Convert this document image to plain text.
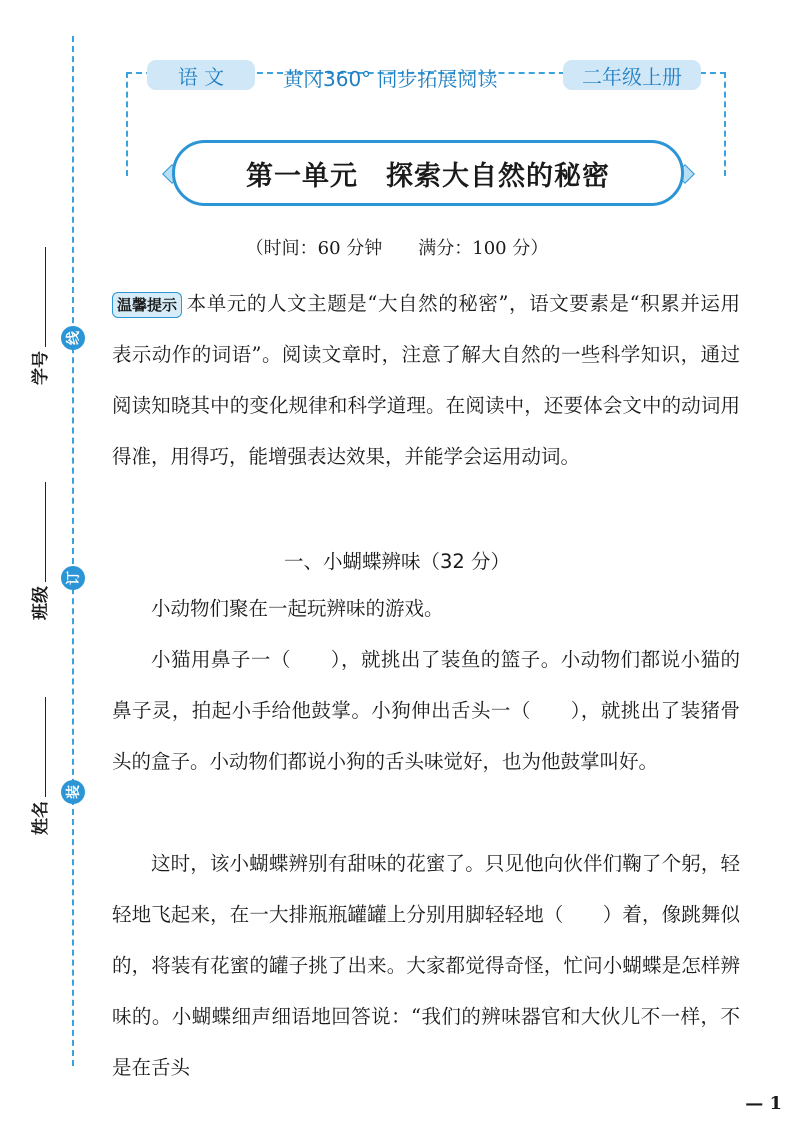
线
订
装
学号
班级
姓名
语 文	黄冈360° 同步拓展阅读	二年级上册
第一单元　探索大自然的秘密
（时间：60 分钟　　满分：100 分）
温馨提示 本单元的人文主题是“大自然的秘密”，语文要素是“积累并运用表示动作的词语”。阅读文章时，注意了解大自然的一些科学知识，通过阅读知晓其中的变化规律和科学道理。在阅读中，还要体会文中的动词用得准，用得巧，能增强表达效果，并能学会运用动词。
一、小蝴蝶辨味（32 分）
小动物们聚在一起玩辨味的游戏。
小猫用鼻子一（　　），就挑出了装鱼的篮子。小动物们都说小猫的鼻子灵，拍起小手给他鼓掌。小狗伸出舌头一（　　），就挑出了装猪骨头的盒子。小动物们都说小狗的舌头味觉好，也为他鼓掌叫好。
这时，该小蝴蝶辨别有甜味的花蜜了。只见他向伙伴们鞠了个躬，轻轻地飞起来，在一大排瓶瓶罐罐上分别用脚轻轻地（　　）着，像跳舞似的，将装有花蜜的罐子挑了出来。大家都觉得奇怪，忙问小蝴蝶是怎样辨味的。小蝴蝶细声细语地回答说：“我们的辨味器官和大伙儿不一样，不是在舌头
— 1
